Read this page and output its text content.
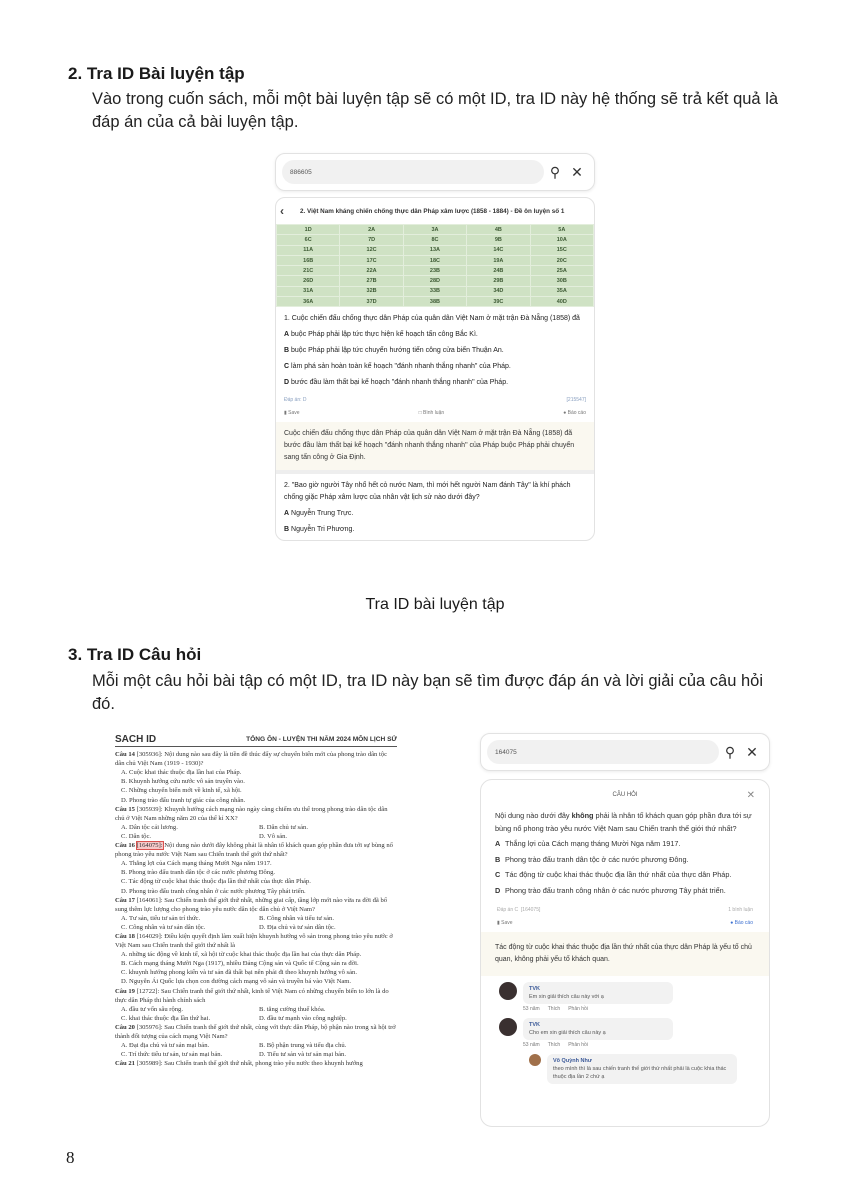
2. Tra ID Bài luyện tập
Vào trong cuốn sách, mỗi một bài luyện tập sẽ có một ID, tra ID này hệ thống sẽ trả kết quả là đáp án của cả bài luyện tập.
886605	⚲ ✕
‹	2. Việt Nam kháng chiến chống thực dân Pháp xâm lược (1858 - 1884) - Đề ôn luyện số 1
1D	2A	3A	4B	5A
6C	7D	8C	9B	10A
11A	12C	13A	14C	15C
16B	17C	18C	19A	20C
21C	22A	23B	24B	25A
26D	27B	28D	29B	30B
31A	32B	33B	34D	35A
36A	37D	38B	39C	40D
1. Cuộc chiến đấu chống thực dân Pháp của quân dân Việt Nam ở mặt trận Đà Nẵng (1858) đã
A buộc Pháp phải lập tức thực hiện kế hoạch tấn công Bắc Kì.
B buộc Pháp phải lập tức chuyển hướng tiến công cửa biển Thuận An.
C làm phá sản hoàn toàn kế hoạch "đánh nhanh thắng nhanh" của Pháp.
D bước đầu làm thất bại kế hoạch "đánh nhanh thắng nhanh" của Pháp.
Đáp án: D	[215547]
▮ Save	□ Bình luận	● Báo cáo
Cuộc chiến đấu chống thực dân Pháp của quân dân Việt Nam ở mặt trận Đà Nẵng (1858) đã bước đầu làm thất bại kế hoạch "đánh nhanh thắng nhanh" của Pháp buộc Pháp phải chuyển sang tấn công ở Gia Định.
2. "Bao giờ người Tây nhổ hết cỏ nước Nam, thì mới hết người Nam đánh Tây" là khí phách chống giặc Pháp xâm lược của nhân vật lịch sử nào dưới đây?
A Nguyễn Trung Trực.
B Nguyễn Tri Phương.
Tra ID bài luyện tập
3. Tra ID Câu hỏi
Mỗi một câu hỏi bài tập có một ID, tra ID này bạn sẽ tìm được đáp án và lời giải của câu hỏi đó.
SÁCH ID	TỔNG ÔN - LUYỆN THI NĂM 2024 MÔN LỊCH SỬ
Câu 14 [305936]: Nội dung nào sau đây là tiền đề thúc đẩy sự chuyển biến mới của phong trào dân tộc dân chủ Việt Nam (1919 - 1930)?
A. Cuộc khai thác thuộc địa lần hai của Pháp.
B. Khuynh hướng cứu nước vô sản truyền vào.
C. Những chuyển biến mới về kinh tế, xã hội.
D. Phong trào đấu tranh tự giác của công nhân.
Câu 15 [305939]: Khuynh hướng cách mạng nào ngày càng chiếm ưu thế trong phong trào dân tộc dân chủ ở Việt Nam những năm 20 của thế kỉ XX?
A. Dân tộc cải lương.	B. Dân chủ tư sản.
C. Dân tộc.	D. Vô sản.
Câu 16 [164075]: Nội dung nào dưới đây không phải là nhân tố khách quan góp phần đưa tới sự bùng nổ phong trào yêu nước Việt Nam sau Chiến tranh thế giới thứ nhất?
A. Thắng lợi của Cách mạng tháng Mười Nga năm 1917.
B. Phong trào đấu tranh dân tộc ở các nước phương Đông.
C. Tác động từ cuộc khai thác thuộc địa lần thứ nhất của thực dân Pháp.
D. Phong trào đấu tranh công nhân ở các nước phương Tây phát triển.
Câu 17 [164061]: Sau Chiến tranh thế giới thứ nhất, những giai cấp, tầng lớp mới nào vừa ra đời đã bổ sung thêm lực lượng cho phong trào yêu nước dân tộc dân chủ ở Việt Nam?
A. Tư sản, tiểu tư sản trí thức.	B. Công nhân và tiểu tư sản.
C. Công nhân và tư sản dân tộc.	D. Địa chủ và tư sản dân tộc.
Câu 18 [164029]: Điều kiện quyết định làm xuất hiện khuynh hướng vô sản trong phong trào yêu nước ở Việt Nam sau Chiến tranh thế giới thứ nhất là
A. những tác động về kinh tế, xã hội từ cuộc khai thác thuộc địa lần hai của thực dân Pháp.
B. Cách mạng tháng Mười Nga (1917), nhiều Đảng Cộng sản và Quốc tế Cộng sản ra đời.
C. khuynh hướng phong kiến và tư sản đã thất bại nên phải đi theo khuynh hướng vô sản.
D. Nguyễn Ái Quốc lựa chọn con đường cách mạng vô sản và truyền bá vào Việt Nam.
Câu 19 [12722]: Sau Chiến tranh thế giới thứ nhất, kinh tế Việt Nam có những chuyển biến to lớn là do thực dân Pháp thi hành chính sách
A. đầu tư vốn sâu rộng.	B. tăng cường thuế khóa.
C. khai thác thuộc địa lần thứ hai.	D. đầu tư mạnh vào công nghiệp.
Câu 20 [305976]: Sau Chiến tranh thế giới thứ nhất, cùng với thực dân Pháp, bộ phận nào trong xã hội trở thành đối tượng của cách mạng Việt Nam?
A. Đại địa chủ và tư sản mại bản.	B. Bộ phận trung và tiểu địa chủ.
C. Trí thức tiểu tư sản, tư sản mại bản.	D. Tiểu tư sản và tư sản mại bản.
Câu 21 [305989]: Sau Chiến tranh thế giới thứ nhất, phong trào yêu nước theo khuynh hướng
164075	⚲ ✕
CÂU HỎI	✕
Nội dung nào dưới đây không phải là nhân tố khách quan góp phần đưa tới sự bùng nổ phong trào yêu nước Việt Nam sau Chiến tranh thế giới thứ nhất?
A Thắng lợi của Cách mạng tháng Mười Nga năm 1917.
B Phong trào đấu tranh dân tộc ở các nước phương Đông.
C Tác động từ cuộc khai thác thuộc địa lần thứ nhất của thực dân Pháp.
D Phong trào đấu tranh công nhân ở các nước phương Tây phát triển.
Đáp án C [164075]	1 bình luận
▮ Save	● Báo cáo
Tác động từ cuộc khai thác thuộc địa lần thứ nhất của thực dân Pháp là yếu tố chủ quan, không phải yếu tố khách quan.
TVK
Em xin giải thích câu này với ạ
53 năm Thích Phản hồi
TVK
Cho em xin giải thích câu này ạ
53 năm Thích Phản hồi
Võ Quỳnh Như
theo mình thì là sau chiến tranh thế giới thứ nhất phải là cuộc khia thác thuộc địa lần 2 chứ ạ
8
